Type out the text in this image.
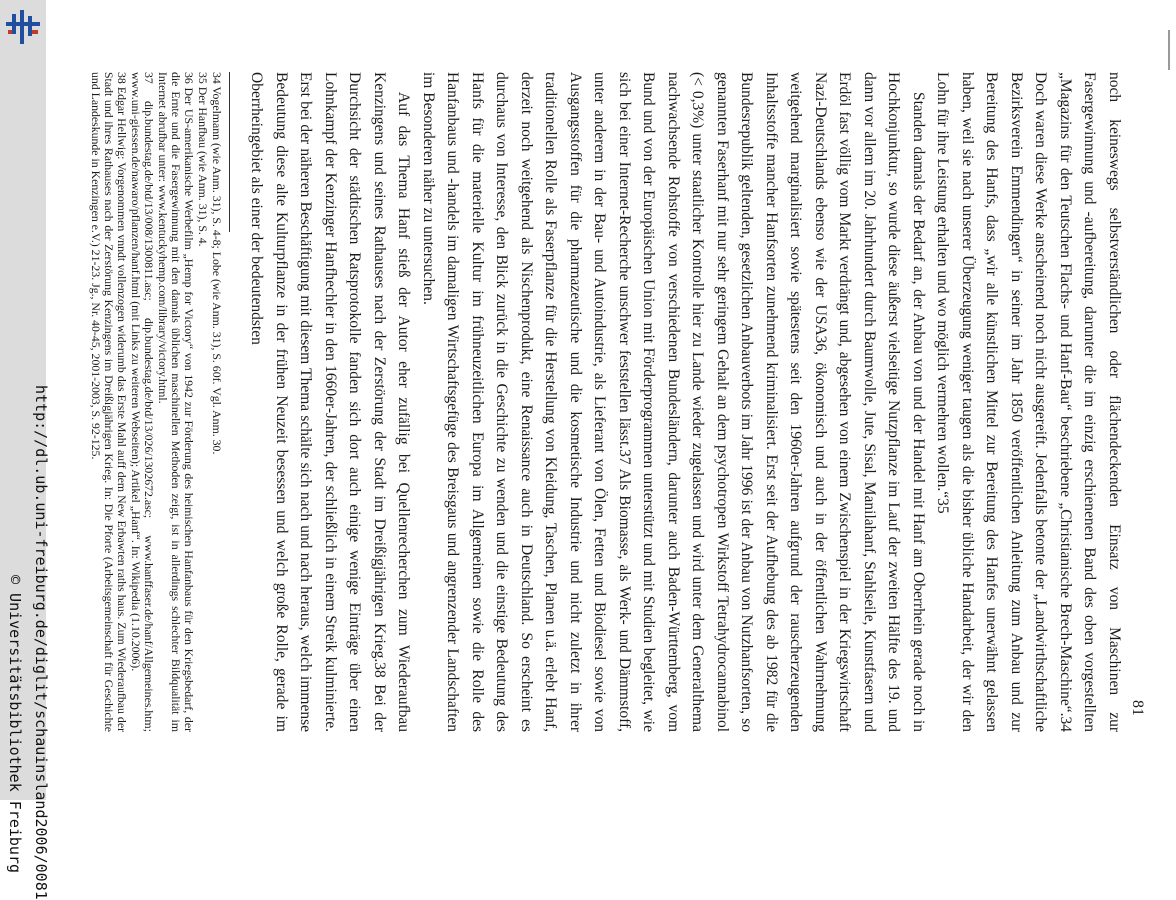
http://dl.ub.uni-freiburg.de/diglit/schauinsland2006/0081
© Universitätsbibliothek Freiburg	noch keineswegs selbstverständlichen oder flächendeckenden Einsatz von Maschinen zur Fasergewinnung und -aufbereitung, darunter die im einzig erschienenen Band des oben vorgestellten „Magazins für den Teutschen Flachs- und Hanf-Bau“ beschriebene „Christianische Brech-Maschine“.34 Doch waren diese Werke anscheinend noch nicht ausgereift. Jedenfalls betonte der „Landwirthschaftliche Bezirksverein Emmendingen“ in seiner im Jahr 1850 veröffentlichen Anleitung zum Anbau und zur Bereitung des Hanfs, dass „wir alle künstlichen Mittel zur Bereitung des Hanfes unerwähnt gelassen haben, weil sie nach unserer Überzeugung weniger taugen als die bisher übliche Handarbeit, der wir den Lohn für ihre Leistung erhalten und wo möglich vermehren wollen.“35

Standen damals der Bedarf an, der Anbau von und der Handel mit Hanf am Oberrhein gerade noch in Hochkonjunktur, so wurde diese äußerst vielseitige Nutzpflanze im Lauf der zweiten Hälfte des 19. und dann vor allem im 20. Jahrhundert durch Baumwolle, Jute, Sisal, Manilahanf, Stahlseile, Kunstfasern und Erdöl fast völlig vom Markt verdrängt und, abgesehen von einem Zwischenspiel in der Kriegswirtschaft Nazi-Deutschlands ebenso wie der USA36, ökonomisch und auch in der öffentlichen Wahrnehmung weitgehend marginalisiert sowie spätestens seit den 1960er-Jahren aufgrund der rauscherzeugenden Inhaltsstoffe mancher Hanfsorten zunehmend kriminalisiert. Erst seit der Aufhebung des ab 1982 für die Bundesrepublik geltenden, gesetzlichen Anbauverbots im Jahr 1996 ist der Anbau von Nutzhanfsorten, so genannten Faserhanf mit nur sehr geringem Gehalt an dem psychotropen Wirkstoff Tetrahydrocannabinol (< 0,3%) unter staatlicher Kontrolle hier zu Lande wieder zugelassen und wird unter dem Generalthema nachwachsende Rohstoffe von verschiedenen Bundesländern, darunter auch Baden-Württemberg, vom Bund und von der Europäischen Union mit Förderprogrammen unterstützt und mit Studien begleitet, wie sich bei einer Internet-Recherche unschwer feststellen lässt.37 Als Biomasse, als Werk- und Dämmstoff, unter anderem in der Bau- und Autoindustrie, als Lieferant von Ölen, Fetten und Biodiesel sowie von Ausgangsstoffen für die pharmazeutische und die kosmetische Industrie und nicht zuletzt in ihrer traditionellen Rolle als Faserpflanze für die Herstellung von Kleidung, Taschen, Planen u.ä. erlebt Hanf, derzeit noch weitgehend als Nischenprodukt, eine Renaissance auch in Deutschland. So erscheint es durchaus von Interesse, den Blick zurück in die Geschichte zu wenden und die einstige Bedeutung des Hanfs für die materielle Kultur im frühneuzeitlichen Europa im Allgemeinen sowie die Rolle des Hanfanbaus und -handels im damaligen Wirtschaftsgefüge des Breisgaus und angrenzender Landschaften im Besonderen näher zu untersuchen.

Auf das Thema Hanf stieß der Autor eher zufällig bei Quellenrecherchen zum Wiederaufbau Kenzingens und seines Rathauses nach der Zerstörung der Stadt im Dreißigjährigen Krieg.38 Bei der Durchsicht der städtischen Ratsprotokolle fanden sich dort auch einige wenige Einträge über einen Lohnkampf der Kenzinger Hanfhechler in den 1660er-Jahren, der schließlich in einem Streik kulminierte. Erst bei der näheren Beschäftigung mit diesem Thema schälte sich nach und nach heraus, welch immense Bedeutung diese alte Kulturpflanze in der frühen Neuzeit besessen und welch große Rolle, gerade im Oberrheingebiet als einer der bedeutendsten

34 Vogelmann (wie Anm. 31), S. 4-8; Lobe (wie Anm. 31), S. 60f. Vgl. Anm. 30.

35 Der Hanfbau (wie Anm. 31), S. 4.

36 Der US-amerikanische Werbefilm „Hemp for Victory“ von 1942 zur Förderung des heimischen Hanfanbaus für den Kriegsbedarf, der die Ernte und die Fasergewinnung mit den damals üblichen maschinellen Methoden zeigt, ist in allerdings schlechter Bildqualität im Internet abrufbar unter: www.kentuckyhemp.com/library/victory.html.

37 dip.bundestag.de/btd/13/008/1300811.asc; dip.bundestag.de/btd/13/026/1302672.asc; www.hanffaser.de/hanf/Allgemeines.htm; www.uni-giessen.de/nawaro/pflanzen/hanf.html (mit Links zu weiteren Webseiten); Artikel „Hanf“. In: Wikipedia (1.10.2006).

38 Edgar Hellwig: Vorgenommen vnndt vollenzogen widerumb das Erste Mahl auff dem New Erbawten raths haus. Zum Wiederaufbau der Stadt und ihres Rathauses nach der Zerstörung Kenzingens im Dreißigjährigen Krieg. In: Die Pforte (Arbeitsgemeinschaft für Geschichte und Landeskunde in Kenzingen e.V.) 21-23. Jg., Nr. 40-45, 2001-2003, S. 92-125.

81
